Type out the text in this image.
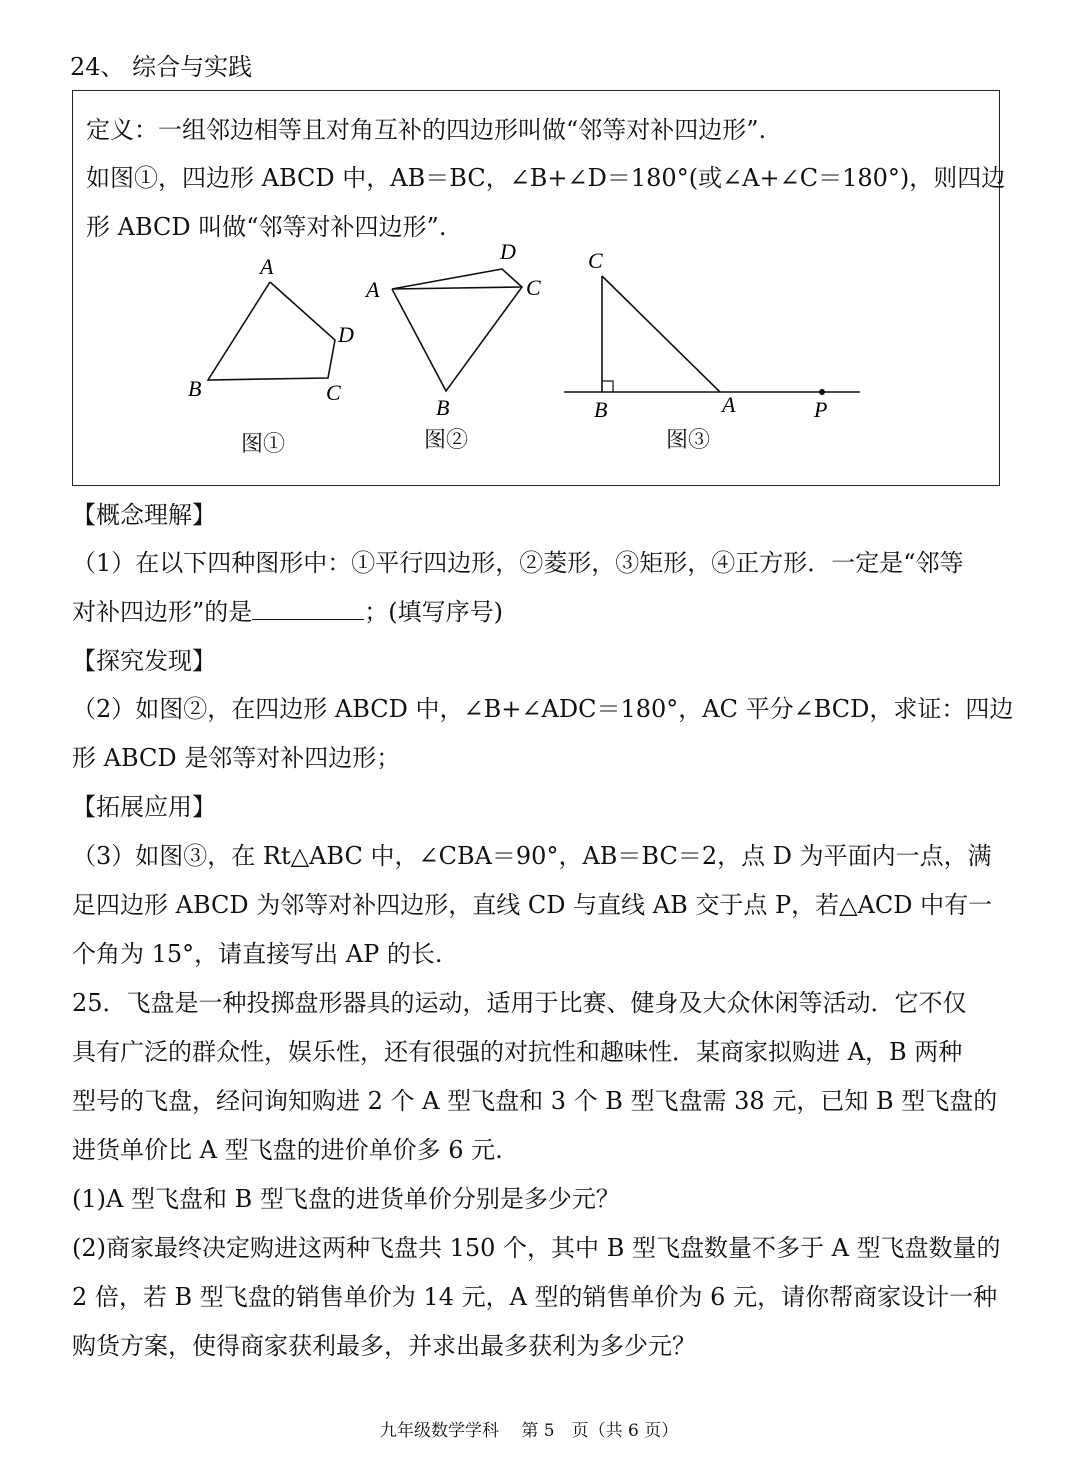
24、 综合与实践
定义：一组邻边相等且对角互补的四边形叫做“邻等对补四边形”.
如图①，四边形 ABCD 中，AB＝BC，∠B+∠D＝180°(或∠A+∠C＝180°)，则四边
形 ABCD 叫做“邻等对补四边形”.
A
B	C
D
图①
A
B
C
D
图②
C
B	A	P
图③
【概念理解】
（1）在以下四种图形中：①平行四边形，②菱形，③矩形，④正方形．一定是“邻等
对补四边形”的是	；(填写序号)
【探究发现】
（2）如图②，在四边形 ABCD 中，∠B+∠ADC＝180°，AC 平分∠BCD，求证：四边
形 ABCD 是邻等对补四边形；
【拓展应用】
（3）如图③，在 Rt△ABC 中，∠CBA＝90°，AB＝BC＝2，点 D 为平面内一点，满
足四边形 ABCD 为邻等对补四边形，直线 CD 与直线 AB 交于点 P，若△ACD 中有一
个角为 15°，请直接写出 AP 的长.
25．飞盘是一种投掷盘形器具的运动，适用于比赛、健身及大众休闲等活动．它不仅
具有广泛的群众性，娱乐性，还有很强的对抗性和趣味性．某商家拟购进 A，B 两种
型号的飞盘，经问询知购进 2 个 A 型飞盘和 3 个 B 型飞盘需 38 元，已知 B 型飞盘的
进货单价比 A 型飞盘的进价单价多 6 元.
(1)A 型飞盘和 B 型飞盘的进货单价分别是多少元？
(2)商家最终决定购进这两种飞盘共 150 个，其中 B 型飞盘数量不多于 A 型飞盘数量的
2 倍，若 B 型飞盘的销售单价为 14 元，A 型的销售单价为 6 元，请你帮商家设计一种
购货方案，使得商家获利最多，并求出最多获利为多少元？
九年级数学学科　 第 5　页（共 6 页）
